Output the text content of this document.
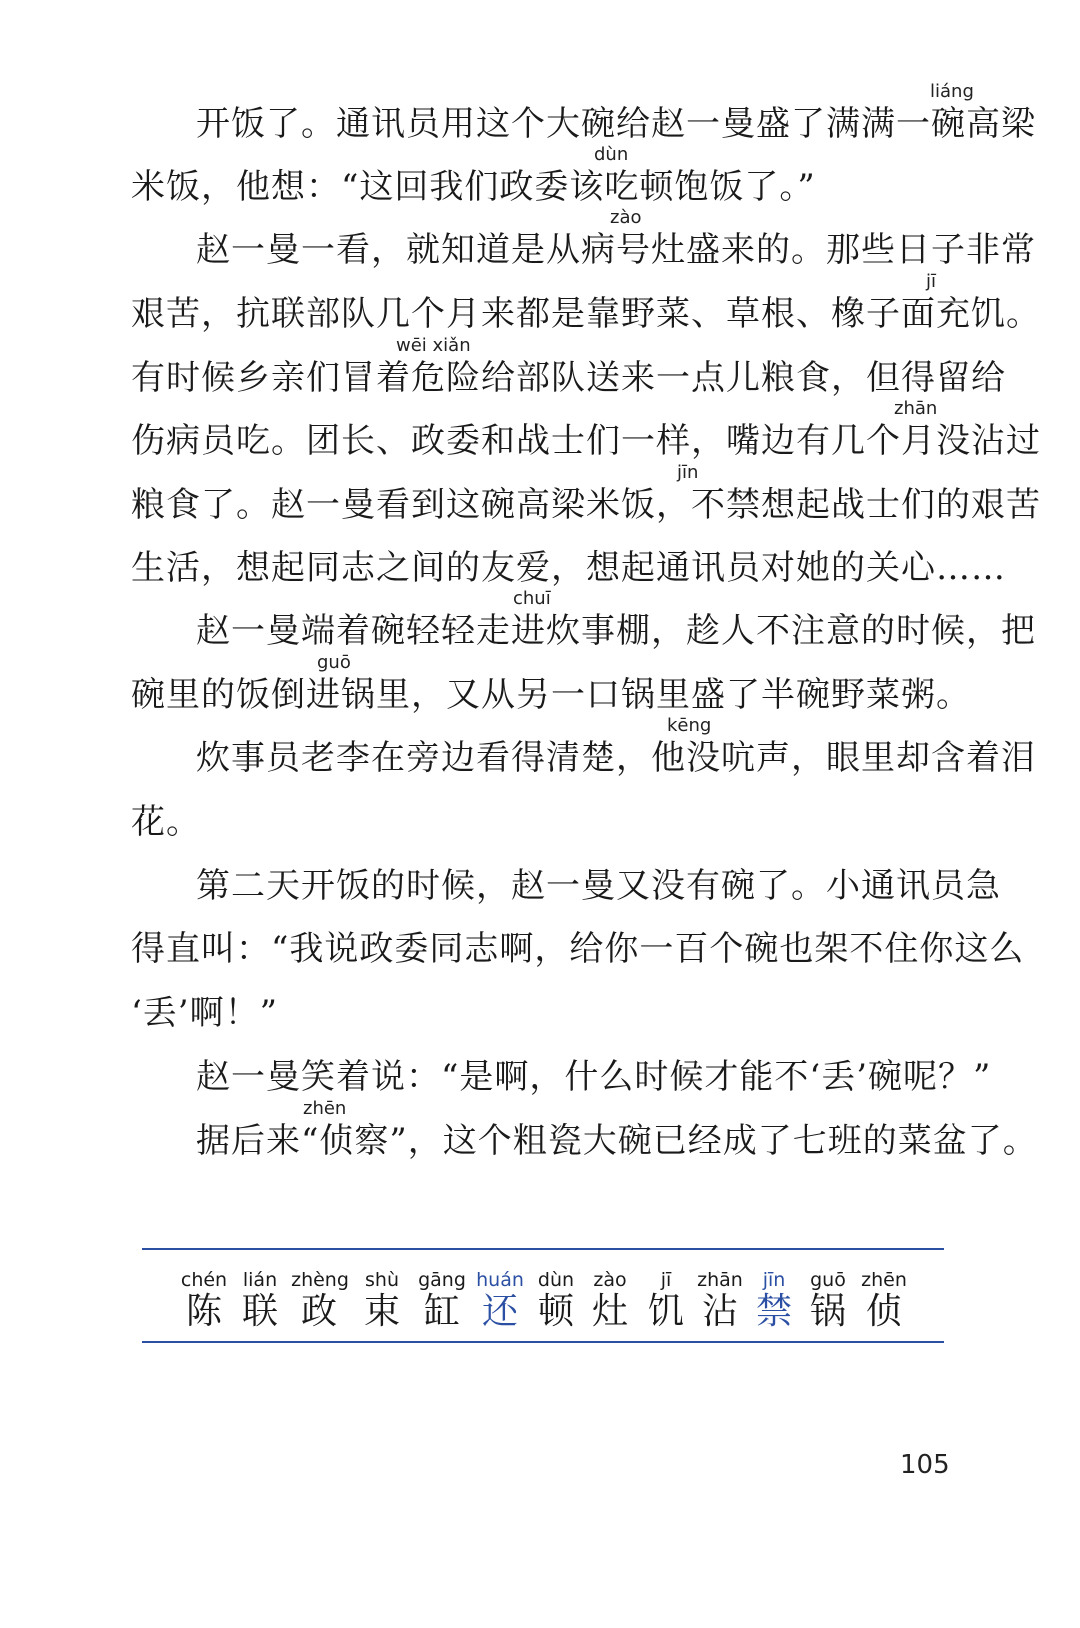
开饭了。通讯员用这个大碗给赵一曼盛了满满一碗高梁
米饭，他想：“这回我们政委该吃顿饱饭了。”
赵一曼一看，就知道是从病号灶盛来的。那些日子非常
艰苦，抗联部队几个月来都是靠野菜、草根、橡子面充饥。
有时候乡亲们冒着危险给部队送来一点儿粮食，但得留给
伤病员吃。团长、政委和战士们一样，嘴边有几个月没沾过
粮食了。赵一曼看到这碗高梁米饭，不禁想起战士们的艰苦
生活，想起同志之间的友爱，想起通讯员对她的关心……
赵一曼端着碗轻轻走进炊事棚，趁人不注意的时候，把
碗里的饭倒进锅里，又从另一口锅里盛了半碗野菜粥。
炊事员老李在旁边看得清楚，他没吭声，眼里却含着泪
花。
第二天开饭的时候，赵一曼又没有碗了。小通讯员急
得直叫：“我说政委同志啊，给你一百个碗也架不住你这么
‘丢’啊！”
赵一曼笑着说：“是啊，什么时候才能不‘丢’碗呢？”
据后来“侦察”，这个粗瓷大碗已经成了七班的菜盆了。
liáng
dùn
zào
jī
wēi xiǎn
zhān
jīn
chuī
guō
kēng
zhēn
chén lián zhèng shù	gāng huán dùn	zào	jī	zhān	jīn	guō zhēn
陈 联 政 束 缸 还 顿 灶 饥 沾 禁 锅 侦
105
